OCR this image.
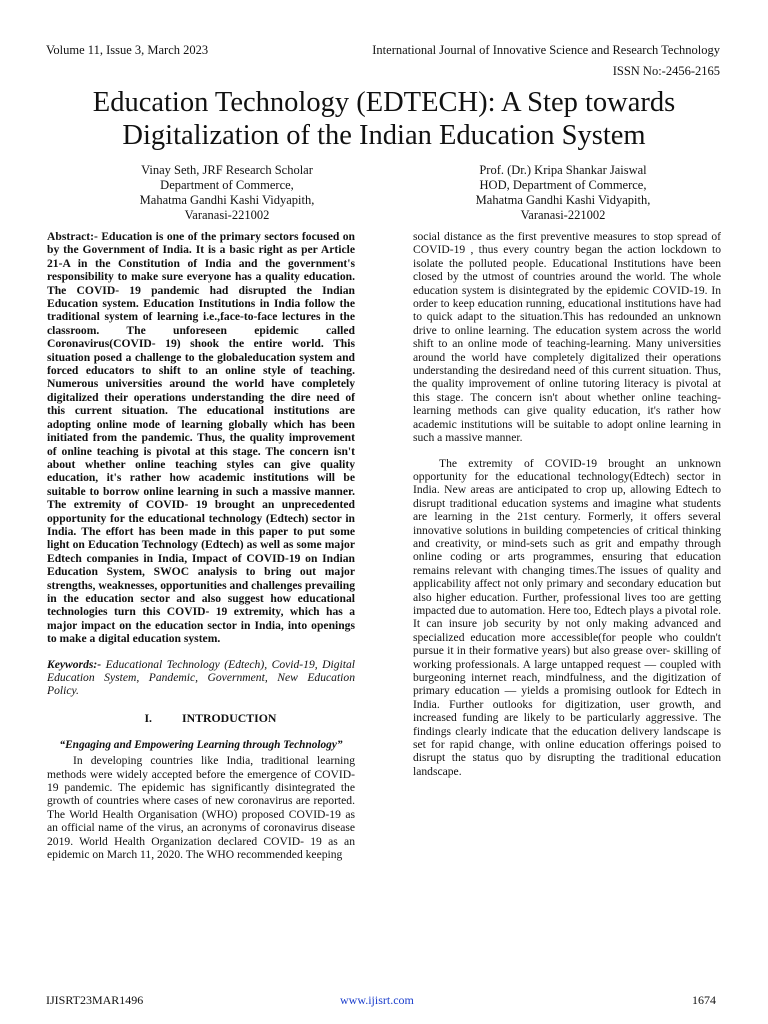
Volume 11, Issue 3, March 2023	International Journal of Innovative Science and Research Technology
ISSN No:-2456-2165
Education Technology (EDTECH): A Step towards Digitalization of the Indian Education System
Vinay Seth, JRF Research Scholar
Department of Commerce,
Mahatma Gandhi Kashi Vidyapith,
Varanasi-221002
Prof. (Dr.) Kripa Shankar Jaiswal
HOD, Department of Commerce,
Mahatma Gandhi Kashi Vidyapith,
Varanasi-221002

Abstract:- Education is one of the primary sectors focused on by the Government of India. It is a basic right as per Article 21-A in the Constitution of India and the government's responsibility to make sure everyone has a quality education. The COVID- 19 pandemic had disrupted the Indian Education system. Education Institutions in India follow the traditional system of learning i.e.,face-to-face lectures in the classroom. The unforeseen epidemic called Coronavirus(COVID- 19) shook the entire world. This situation posed a challenge to the globaleducation system and forced educators to shift to an online style of teaching. Numerous universities around the world have completely digitalized their operations understanding the dire need of this current situation. The educational institutions are adopting online mode of learning globally which has been initiated from the pandemic. Thus, the quality improvement of online teaching is pivotal at this stage. The concern isn't about whether online teaching styles can give quality education, it's rather how academic institutions will be suitable to borrow online learning in such a massive manner. The extremity of COVID- 19 brought an unprecedented opportunity for the educational technology (Edtech) sector in India. The effort has been made in this paper to put some light on Education Technology (Edtech) as well as some major Edtech companies in India, Impact of COVID-19 on Indian Education System, SWOC analysis to bring out major strengths, weaknesses, opportunities and challenges prevailing in the education sector and also suggest how educational technologies turn this COVID- 19 extremity, which has a major impact on the education sector in India, into openings to make a digital education system.

Keywords:- Educational Technology (Edtech), Covid-19, Digital Education System, Pandemic, Government, New Education Policy.

I.	INTRODUCTION

“Engaging and Empowering Learning through Technology”

In developing countries like India, traditional learning methods were widely accepted before the emergence of COVID-19 pandemic. The epidemic has significantly disintegrated the growth of countries where cases of new coronavirus are reported. The World Health Organisation (WHO) proposed COVID-19 as an official name of the virus, an acronyms of coronavirus disease 2019. World Health Organization declared COVID- 19 as an epidemic on March 11, 2020. The WHO recommended keeping

social distance as the first preventive measures to stop spread of COVID-19 , thus every country began the action lockdown to isolate the polluted people. Educational Institutions have been closed by the utmost of countries around the world. The whole education system is disintegrated by the epidemic COVID-19. In order to keep education running, educational institutions have had to quick adapt to the situation.This has redounded an unknown drive to online learning. The education system across the world shift to an online mode of teaching-learning. Many universities around the world have completely digitalized their operations understanding the desiredand need of this current situation. Thus, the quality improvement of online tutoring literacy is pivotal at this stage. The concern isn't about whether online teaching-learning methods can give quality education, it's rather how academic institutions will be suitable to adopt online learning in such a massive manner.

The extremity of COVID-19 brought an unknown opportunity for the educational technology(Edtech) sector in India. New areas are anticipated to crop up, allowing Edtech to disrupt traditional education systems and imagine what students are learning in the 21st century. Formerly, it offers several innovative solutions in building competencies of critical thinking and creativity, or mind-sets such as grit and empathy through online coding or arts programmes, ensuring that education remains relevant with changing times.The issues of quality and applicability affect not only primary and secondary education but also higher education. Further, professional lives too are getting impacted due to automation. Here too, Edtech plays a pivotal role. It can insure job security by not only making advanced and specialized education more accessible(for people who couldn't pursue it in their formative years) but also grease over- skilling of working professionals. A large untapped request — coupled with burgeoning internet reach, mindfulness, and the digitization of primary education — yields a promising outlook for Edtech in India. Further outlooks for digitization, user growth, and increased funding are likely to be particularly aggressive. The findings clearly indicate that the education delivery landscape is set for rapid change, with online education offerings poised to disrupt the status quo by disrupting the traditional education landscape.

IJISRT23MAR1496	www.ijisrt.com	1674
